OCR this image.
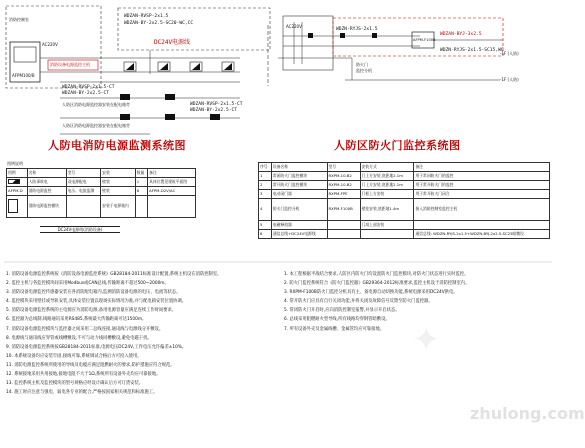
消防控制室
AC220V
消防设备电源监控主机
AFPM100/B
WDZAN-RVSP-2x1.5
WDZAN-BY-2x2.5-SC20-WC,CC
DC24V电源线
WDZAN-RVSP-2x1.5-CT
WDZAN-BY-2x2.5-CT
WDZAN-RVSP-2x1.5-CT
WDZAN-BY-2x2.5-CT
人防区消防电源监控器安装在配电箱旁
人防区消防电源监控器安装在配电箱旁
人防电消防电源监测系统图
AC220V
AFPM-F100B
WDZN-RYJS-2x1.5
WDZAN-BYJ-3x2.5
WDZN-RYJS-2x1.5-SC15,WC
-1F (人防)
-1F (人防)
防火门
监控分机
人防区防火门监控系统图
图例说明
图例	名称	型号	安装	数量	备注
	人防事故电	双电源配电	壁装	1	具体位置见建筑平面图
AFPM-D	消防电源监控	电压、电流监测	壁装	6	AFPM-D2V/AC
	消防电源监控模块		安装于电源箱内		
DC24V电源线(消防设备)
序号	设备名称	型号	安装方式	备注
1	常闭防火门监控模块	RXPM-10-B2	门上方安装,底距地2.1m	用于常闭防火门的监控
2	常开防火门监控模块	RXPM-10-B2	门上方安装,底距地2.1m	用于常开防火门的监控
3	电动闭门器	RXPM-FPE	门框上方安装	用于常开防火门闭合
4	防火门监控分机	RXPM-F100B	壁挂安装,底距地1.4m	接入消防控制室监控主机
5	电磁释放器		门扇上部安装	
6	通信总线+DC24V电源线			通信总线: WDZN-RYJS-2x1.5+WDZN-BYJ-2x2.5-SC25暗敷设
1. 消防设备电源监控系统按《消防设备电源监控系统》GB28184-2011标准设计配置,系统主机设在消防控制室。
2. 监控主机与各监控模块间采用Modbus或CAN总线,传输距离不超过500~2000m。
3. 消防设备电源监控传感器安装在各消防配电箱内,监测消防设备电源的电压、电流等状态。
4. 监控模块采用壁挂或导轨安装,具体安装位置以现场实际情况为准,并与配电箱安装位置协调。
5. 消防设备电源监控系统的主电源应为消防电源,备用电源容量应满足连续工作时间要求。
6. 监控器为总线制,线路通讯采用RS485,系统最大传输距离可达1500m。
7. 消防设备电源监控模块与监控器之间采用二总线连接,通讯线与电源线分开敷设。
8. 电源线与通讯线应穿管或线槽敷设,不可与动力线同槽敷设,避免电磁干扰。
9. 消防设备电源监控系统按GB28184-2011标准,电源电压DC24V,工作电压允许偏差±10%。
10. 本系统设备均应安装牢固,接线可靠,系统调试合格后方可投入使用。
11. 消防电源监控系统所使用的导线及电缆应满足阻燃耐火的要求,防护措施应符合规范。
12. 系统接地采用共用接地,接地电阻不大于1Ω,系统所有设备外壳均应可靠接地。
13. 监控系统主机及监控模块的型号规格应经设计确认后方可订货安装。
14. 施工时应注意与强电、弱电各专业的配合,严格按国家相关规范和标准施工。
1. 本工程根据平战结合要求,人防区内防火门均设置防火门监控模块,对防火门状态进行实时监控。
2. 防火门监控系统符合《防火门监控器》GB29364-2012标准要求,监控主机设于消防控制室内。
3. RXPM-F100B防火门监控分机具有主、备电源自动切换功能,系统电源采用DC24V供电。
4. 常开防火门应具有自行关闭功能,并将关闭及故障信号反馈至防火门监控器。
5. 常闭防火门开启时,应向消防控制室报警,并显示开启状态。
6. 总线采用阻燃耐火型导线,所有线路均穿钢管暗敷设。
7. 所有设备外壳及金属线槽、金属管均应可靠接地。 ✦
zhulong.com
